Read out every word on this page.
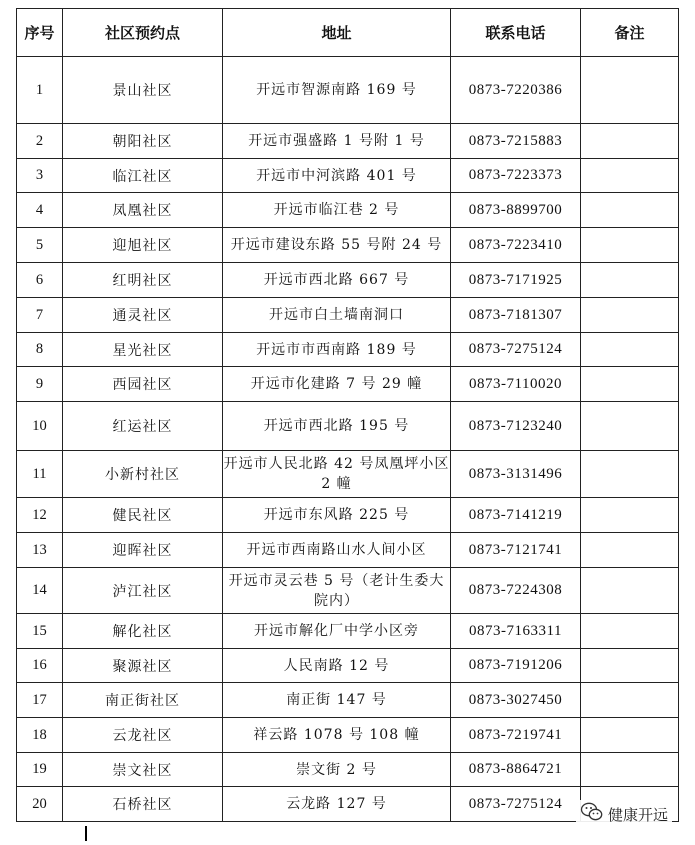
序号	社区预约点	地址	联系电话	备注
1	景山社区	开远市智源南路 169 号	0873-7220386	
2	朝阳社区	开远市强盛路 1 号附 1 号	0873-7215883	
3	临江社区	开远市中河滨路 401 号	0873-7223373	
4	凤凰社区	开远市临江巷 2 号	0873-8899700	
5	迎旭社区	开远市建设东路 55 号附 24 号	0873-7223410	
6	红明社区	开远市西北路 667 号	0873-7171925	
7	通灵社区	开远市白土墙南洞口	0873-7181307	
8	星光社区	开远市市西南路 189 号	0873-7275124	
9	西园社区	开远市化建路 7 号 29 幢	0873-7110020	
10	红运社区	开远市西北路 195 号	0873-7123240	
11	小新村社区	开远市人民北路 42 号凤凰坪小区 2 幢	0873-3131496	
12	健民社区	开远市东风路 225 号	0873-7141219	
13	迎晖社区	开远市西南路山水人间小区	0873-7121741	
14	泸江社区	开远市灵云巷 5 号（老计生委大院内）	0873-7224308	
15	解化社区	开远市解化厂中学小区旁	0873-7163311	
16	聚源社区	人民南路 12 号	0873-7191206	
17	南正街社区	南正街 147 号	0873-3027450	
18	云龙社区	祥云路 1078 号 108 幢	0873-7219741	
19	崇文社区	崇文街 2 号	0873-8864721	
20	石桥社区	云龙路 127 号	0873-7275124	
健康开远
